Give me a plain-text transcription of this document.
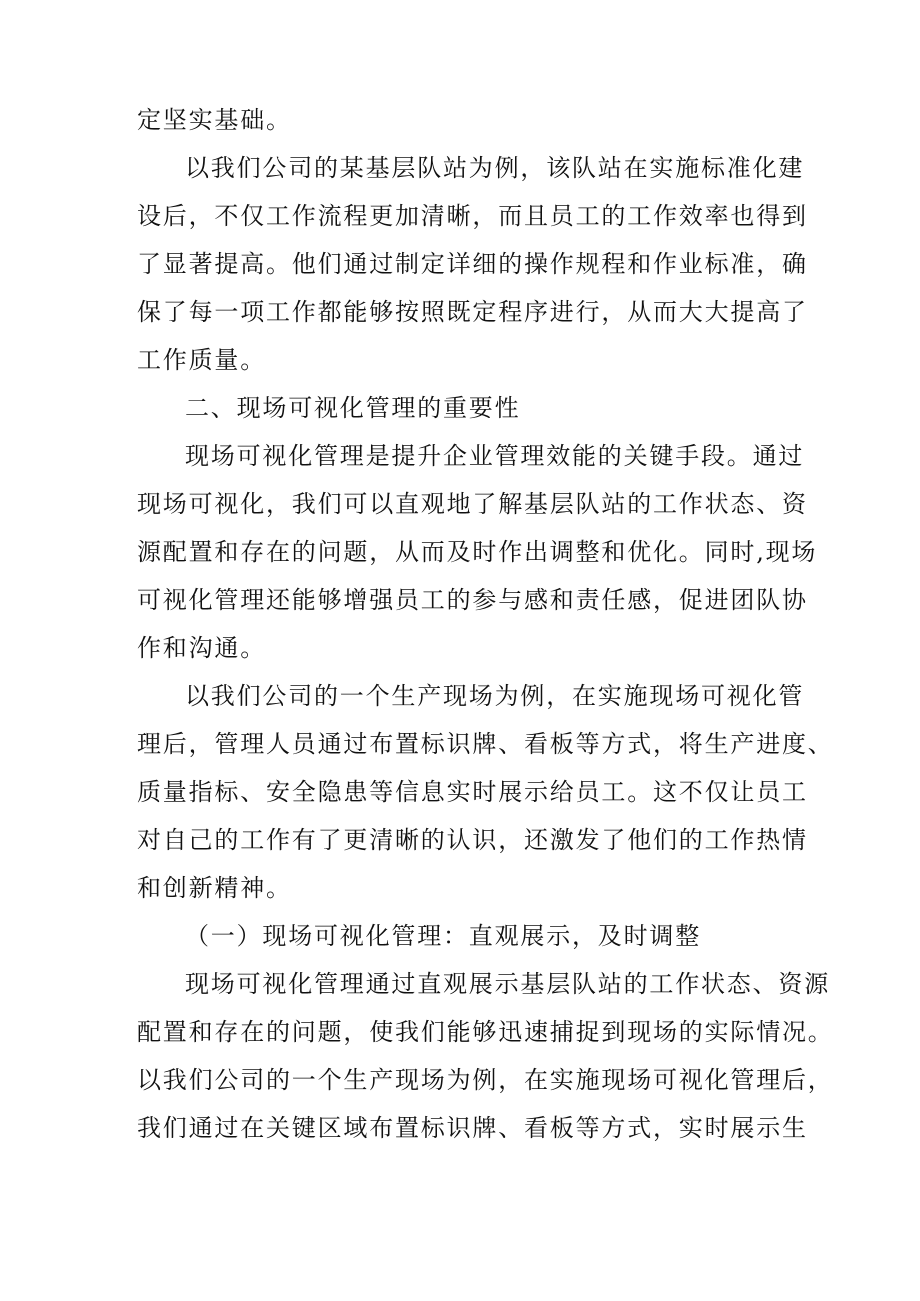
定坚实基础。
以我们公司的某基层队站为例，该队站在实施标准化建
设后，不仅工作流程更加清晰，而且员工的工作效率也得到
了显著提高。他们通过制定详细的操作规程和作业标准，确
保了每一项工作都能够按照既定程序进行，从而大大提高了
工作质量。
二、现场可视化管理的重要性
现场可视化管理是提升企业管理效能的关键手段。通过
现场可视化，我们可以直观地了解基层队站的工作状态、资
源配置和存在的问题，从而及时作出调整和优化。同时,现场
可视化管理还能够增强员工的参与感和责任感，促进团队协
作和沟通。
以我们公司的一个生产现场为例，在实施现场可视化管
理后，管理人员通过布置标识牌、看板等方式，将生产进度、
质量指标、安全隐患等信息实时展示给员工。这不仅让员工
对自己的工作有了更清晰的认识，还激发了他们的工作热情
和创新精神。
（一）现场可视化管理：直观展示，及时调整
现场可视化管理通过直观展示基层队站的工作状态、资源
配置和存在的问题，使我们能够迅速捕捉到现场的实际情况。
以我们公司的一个生产现场为例，在实施现场可视化管理后，
我们通过在关键区域布置标识牌、看板等方式，实时展示生
